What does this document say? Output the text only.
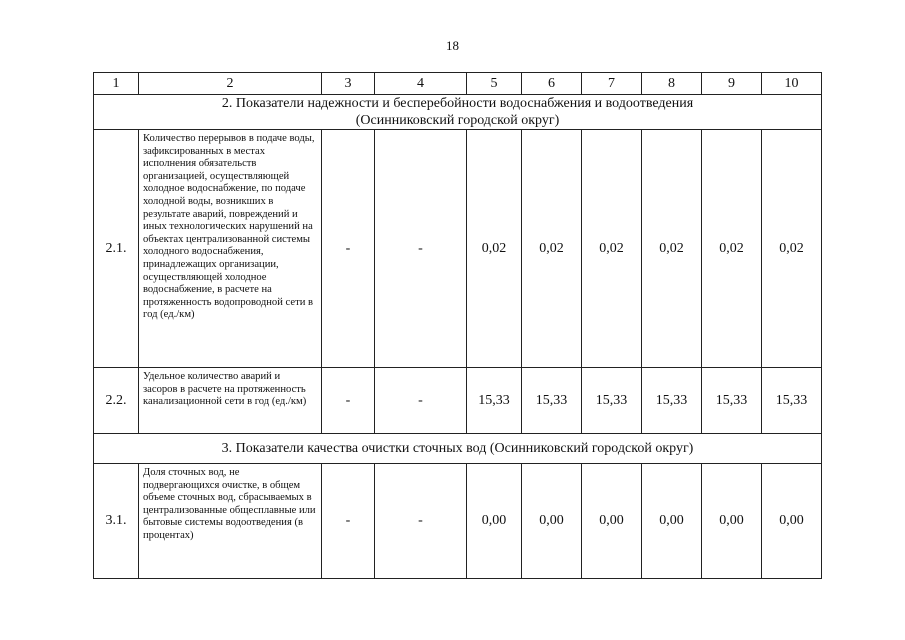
18
1	2	3	4	5	6	7	8	9	10

2. Показатели надежности и бесперебойности водоснабжения и водоотведения
(Осинниковский городской округ)									

2.1.	Количество перерывов в подаче воды, зафиксированных в местах исполнения обязательств организацией, осуществляющей холодное водоснабжение, по подаче холодной воды, возникших в результате аварий, повреждений и иных технологических нарушений на объектах централизованной системы холодного водоснабжения, принадлежащих организации, осуществляющей холодное водоснабжение, в расчете на протяженность водопроводной сети в год (ед./км)	-	-	0,02	0,02	0,02	0,02	0,02	0,02
2.2.	Удельное количество аварий и засоров в расчете на протяженность канализационной сети в год (ед./км)	-	-	15,33	15,33	15,33	15,33	15,33	15,33
3. Показатели качества очистки сточных вод (Осинниковский городской округ)									
3.1.	Доля сточных вод, не подвергающихся очистке, в общем объеме сточных вод, сбрасываемых в централизованные общесплавные или бытовые системы водоотведения (в процентах)	-	-	0,00	0,00	0,00	0,00	0,00	0,00
